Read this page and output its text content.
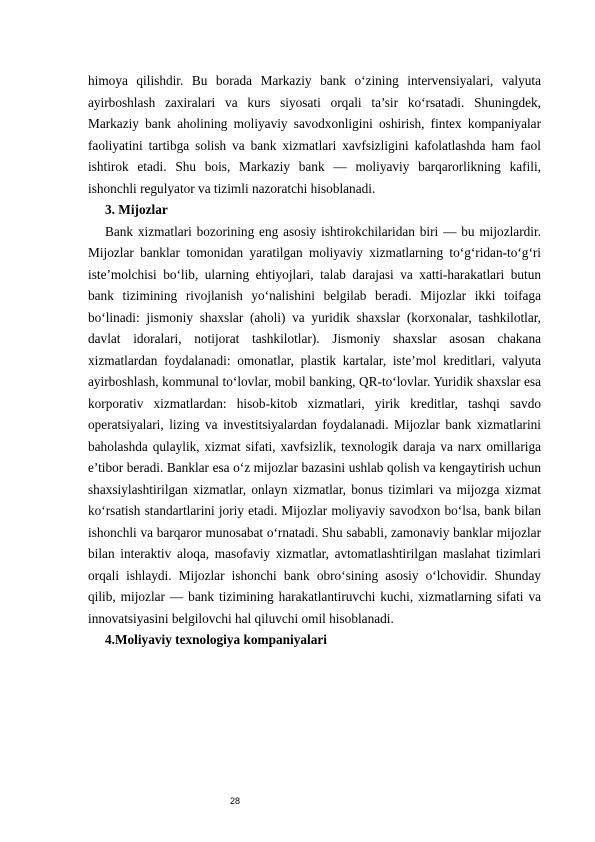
himoya qilishdir. Bu borada Markaziy bank o‘zining intervensiyalari, valyuta ayirboshlash zaxiralari va kurs siyosati orqali ta’sir ko‘rsatadi. Shuningdek, Markaziy bank aholining moliyaviy savodxonligini oshirish, fintex kompaniyalar faoliyatini tartibga solish va bank xizmatlari xavfsizligini kafolatlashda ham faol ishtirok etadi. Shu bois, Markaziy bank — moliyaviy barqarorlikning kafili, ishonchli regulyator va tizimli nazoratchi hisoblanadi.

3. Mijozlar

Bank xizmatlari bozorining eng asosiy ishtirokchilaridan biri — bu mijozlardir. Mijozlar banklar tomonidan yaratilgan moliyaviy xizmatlarning to‘g‘ridan-to‘g‘ri iste’molchisi bo‘lib, ularning ehtiyojlari, talab darajasi va xatti-harakatlari butun bank tizimining rivojlanish yo‘nalishini belgilab beradi. Mijozlar ikki toifaga bo‘linadi: jismoniy shaxslar (aholi) va yuridik shaxslar (korxonalar, tashkilotlar, davlat idoralari, notijorat tashkilotlar). Jismoniy shaxslar asosan chakana xizmatlardan foydalanadi: omonatlar, plastik kartalar, iste’mol kreditlari, valyuta ayirboshlash, kommunal to‘lovlar, mobil banking, QR-to‘lovlar. Yuridik shaxslar esa korporativ xizmatlardan: hisob-kitob xizmatlari, yirik kreditlar, tashqi savdo operatsiyalari, lizing va investitsiyalardan foydalanadi. Mijozlar bank xizmatlarini baholashda qulaylik, xizmat sifati, xavfsizlik, texnologik daraja va narx omillariga e’tibor beradi. Banklar esa o‘z mijozlar bazasini ushlab qolish va kengaytirish uchun shaxsiylashtirilgan xizmatlar, onlayn xizmatlar, bonus tizimlari va mijozga xizmat ko‘rsatish standartlarini joriy etadi. Mijozlar moliyaviy savodxon bo‘lsa, bank bilan ishonchli va barqaror munosabat o‘rnatadi. Shu sababli, zamonaviy banklar mijozlar bilan interaktiv aloqa, masofaviy xizmatlar, avtomatlashtirilgan maslahat tizimlari orqali ishlaydi. Mijozlar ishonchi bank obro‘sining asosiy o‘lchovidir. Shunday qilib, mijozlar — bank tizimining harakatlantiruvchi kuchi, xizmatlarning sifati va innovatsiyasini belgilovchi hal qiluvchi omil hisoblanadi.

4.Moliyaviy texnologiya kompaniyalari

28
